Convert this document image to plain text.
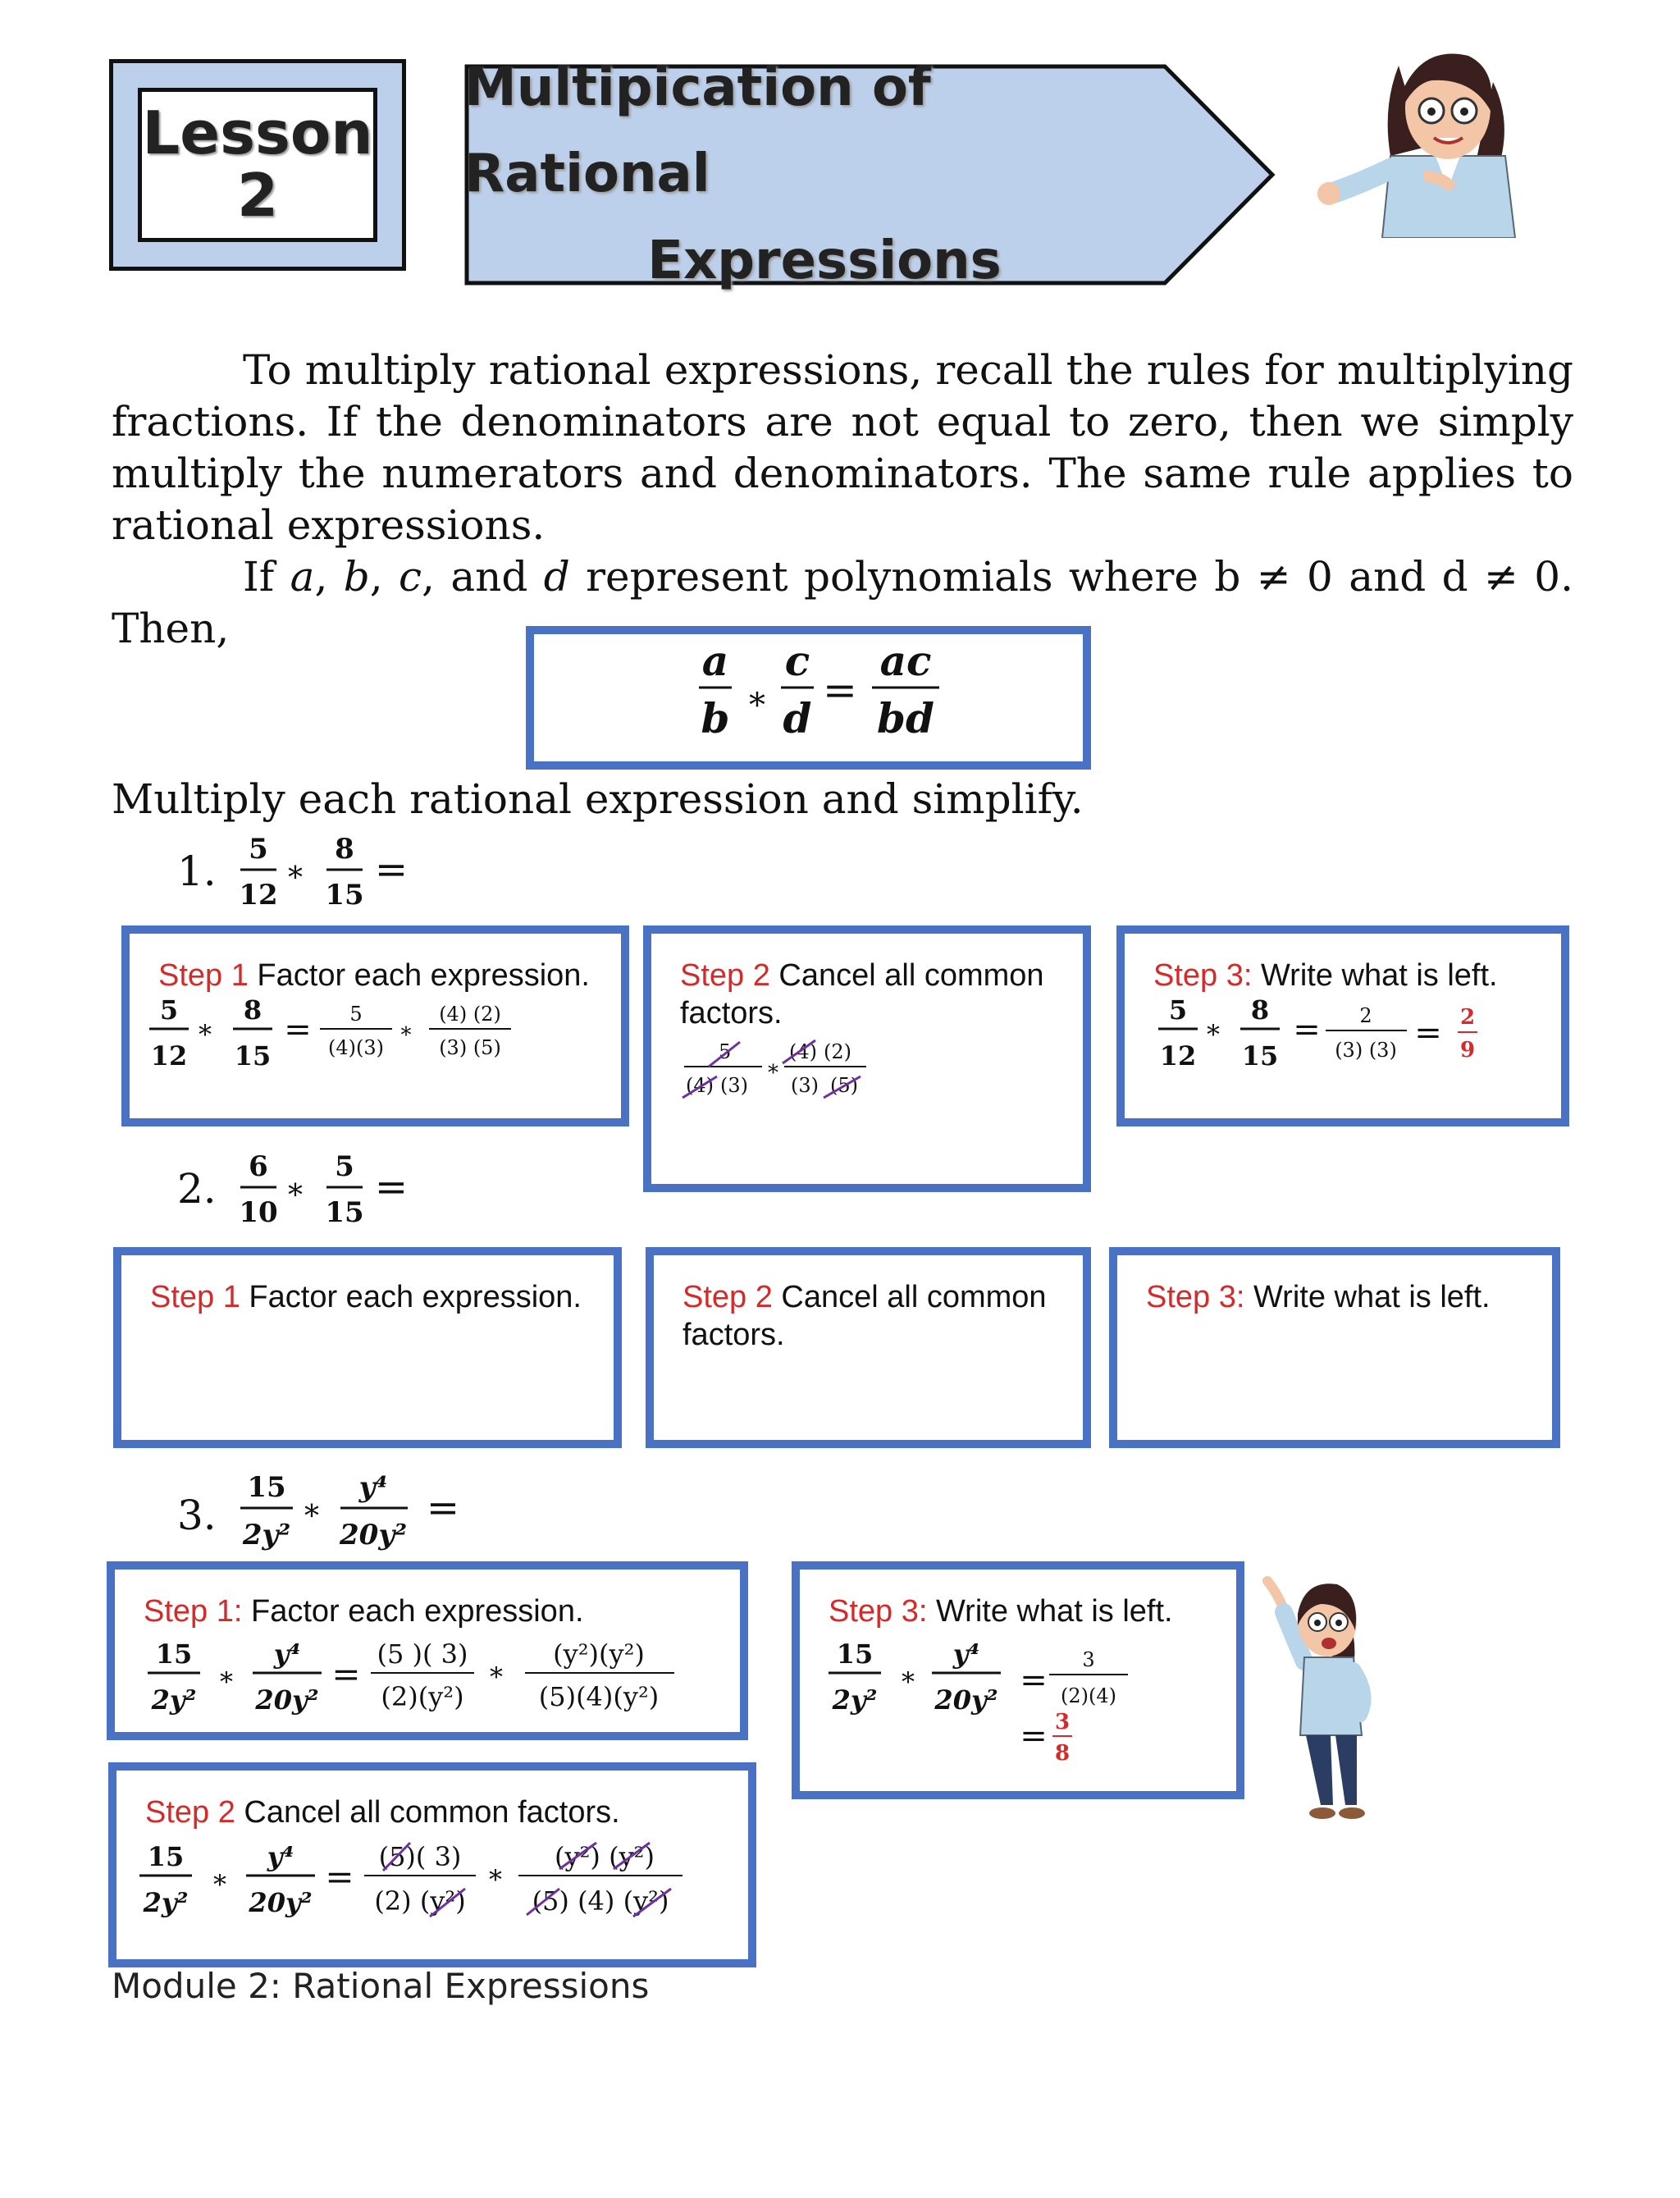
Lesson
2
Multipication of Rational
Expressions

To multiply rational expressions, recall the rules for multiplying fractions. If the denominators are not equal to zero, then we simply multiply the numerators and denominators. The same rule applies to rational expressions.

If a, b, c, and d represent polynomials where b ≠ 0 and d ≠ 0. Then,

a
b *
c
d
=
ac
bd
Multiply each rational expression and simplify.
1. 5
12 *
8
15
=
Step 1 Factor each expression.
5
12
*
8
15
= 5
(4)(3) *
(4) (2)
(3) (5)
Step 2 Cancel all common
factors.
5
(4) (3) *
(4) (2)
(3) (5)
Step 3: Write what is left.
5
12
*
8
15
= 2
(3) (3) = 2
9
2. 6
10 *
5
15
=
Step 1 Factor each expression.	Step 2 Cancel all common
factors.
Step 3: Write what is left.
3.
15
2y²
*
y⁴
20y²
=
Step 1: Factor each expression.
15
2y²
*
y⁴
20y²
= (5 )( 3)
(2)(y²)
*
(y²)(y²)
(5)(4)(y²)
Step 2 Cancel all common factors.
15
2y²
*
y⁴
20y²
= (5)( 3)
(2) (y²)
*
(y²) (y²)
(5) (4) (y²)
Step 3: Write what is left.
15
2y²
*
y⁴
20y²
=
3
(2)(4)
= 3
8
Module 2: Rational Expressions
